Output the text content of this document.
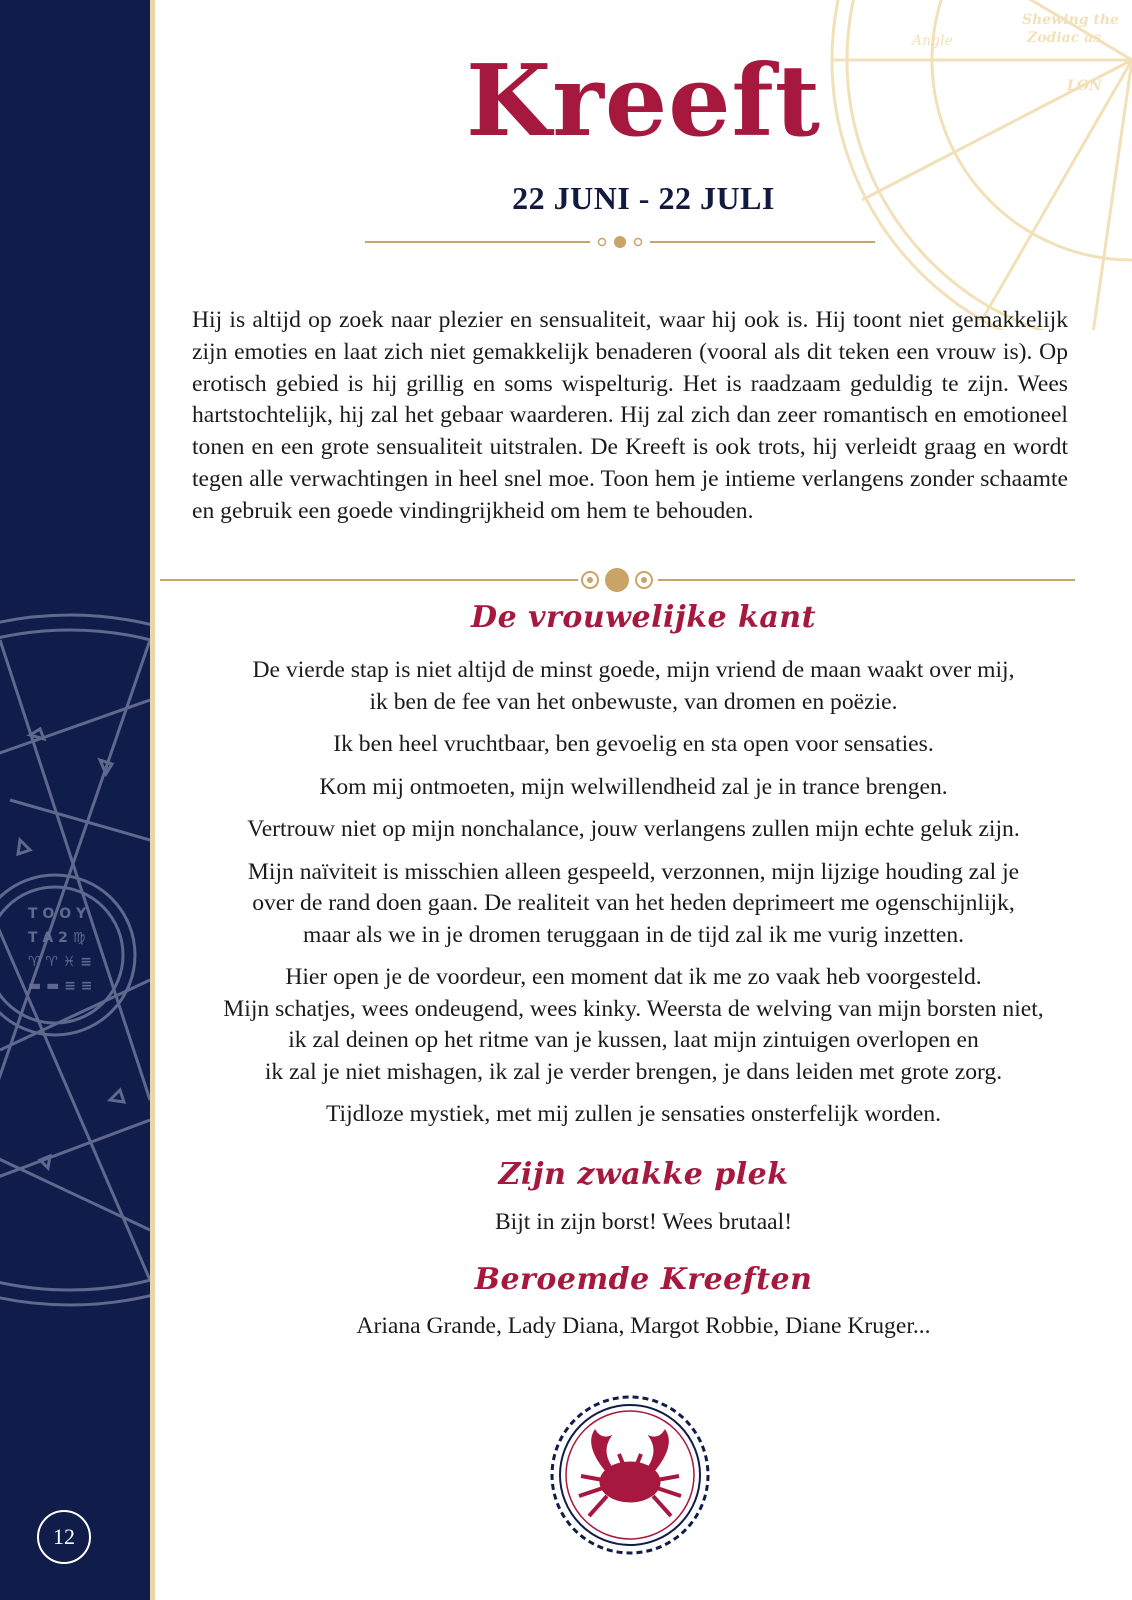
T O O Y
T A 2 ♍
♈ ♈ ♓ ≡
▬ ▬ ≡ ≡
12
Shewing the
Zodiac as
LON
Angle
Kreeft
22 JUNI - 22 JULI

Hij is altijd op zoek naar plezier en sensualiteit, waar hij ook is. Hij toont niet gemakkelijk zijn emoties en laat zich niet gemakkelijk benaderen (vooral als dit teken een vrouw is). Op erotisch gebied is hij grillig en soms wispelturig. Het is raadzaam geduldig te zijn. Wees hartstochtelijk, hij zal het gebaar waarderen. Hij zal zich dan zeer romantisch en emotioneel tonen en een grote sensualiteit uitstralen. De Kreeft is ook trots, hij verleidt graag en wordt tegen alle verwachtingen in heel snel moe. Toon hem je intieme verlangens zonder schaamte en gebruik een goede vindingrijkheid om hem te behouden.

De vrouwelijke kant

De vierde stap is niet altijd de minst goede, mijn vriend de maan waakt over mij,
ik ben de fee van het onbewuste, van dromen en poëzie.

Ik ben heel vruchtbaar, ben gevoelig en sta open voor sensaties.

Kom mij ontmoeten, mijn welwillendheid zal je in trance brengen.

Vertrouw niet op mijn nonchalance, jouw verlangens zullen mijn echte geluk zijn.

Mijn naïviteit is misschien alleen gespeeld, verzonnen, mijn lijzige houding zal je
over de rand doen gaan. De realiteit van het heden deprimeert me ogenschijnlijk,
maar als we in je dromen teruggaan in de tijd zal ik me vurig inzetten.

Hier open je de voordeur, een moment dat ik me zo vaak heb voorgesteld.
Mijn schatjes, wees ondeugend, wees kinky. Weersta de welving van mijn borsten niet,
ik zal deinen op het ritme van je kussen, laat mijn zintuigen overlopen en
ik zal je niet mishagen, ik zal je verder brengen, je dans leiden met grote zorg.

Tijdloze mystiek, met mij zullen je sensaties onsterfelijk worden.

Zijn zwakke plek

Bijt in zijn borst! Wees brutaal!

Beroemde Kreeften

Ariana Grande, Lady Diana, Margot Robbie, Diane Kruger...
